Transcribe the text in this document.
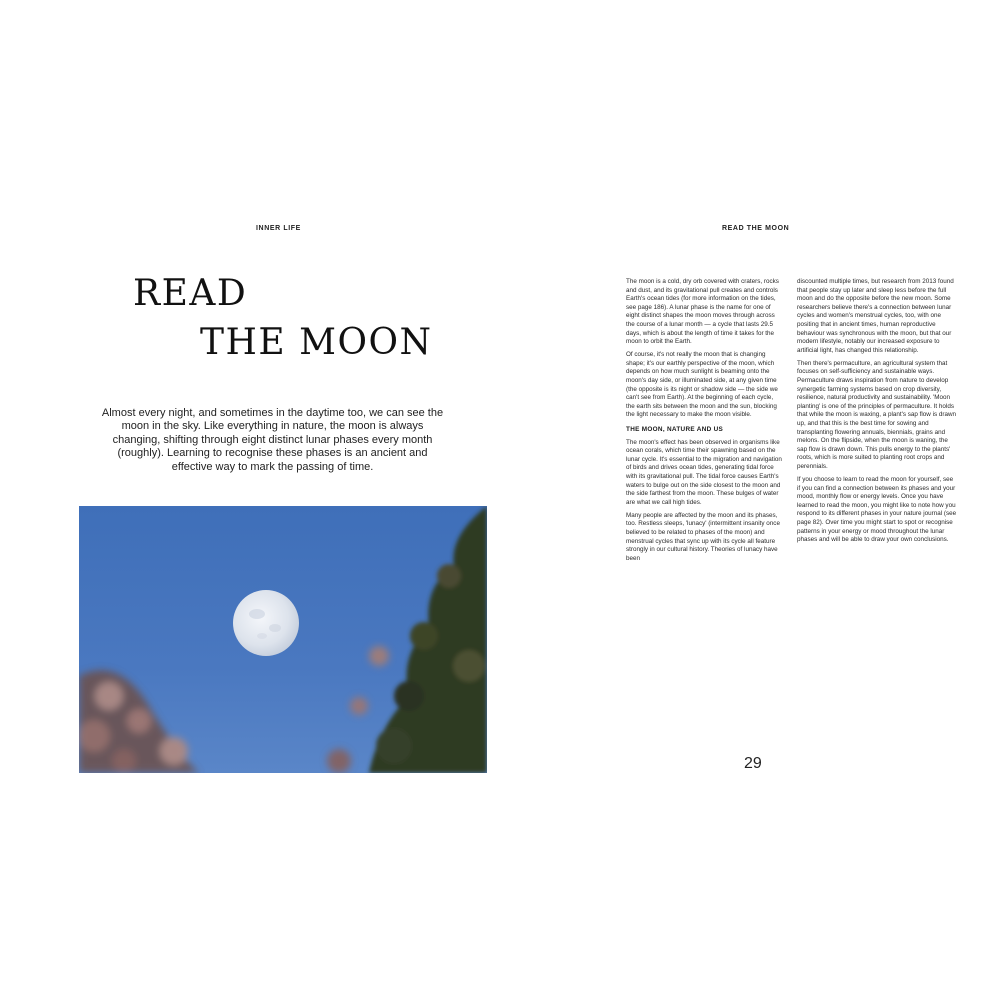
INNER LIFE
READ
THE MOON
Almost every night, and sometimes in the daytime too, we can see the moon in the sky. Like everything in nature, the moon is always changing, shifting through eight distinct lunar phases every month (roughly). Learning to recognise these phases is an ancient and effective way to mark the passing of time.
READ THE MOON

The moon is a cold, dry orb covered with craters, rocks and dust, and its gravitational pull creates and controls Earth's ocean tides (for more information on the tides, see page 186). A lunar phase is the name for one of eight distinct shapes the moon moves through across the course of a lunar month — a cycle that lasts 29.5 days, which is about the length of time it takes for the moon to orbit the Earth.

Of course, it's not really the moon that is changing shape; it's our earthly perspective of the moon, which depends on how much sunlight is beaming onto the moon's day side, or illuminated side, at any given time (the opposite is its night or shadow side — the side we can't see from Earth). At the beginning of each cycle, the earth sits between the moon and the sun, blocking the light necessary to make the moon visible.

THE MOON, NATURE AND US

The moon's effect has been observed in organisms like ocean corals, which time their spawning based on the lunar cycle. It's essential to the migration and navigation of birds and drives ocean tides, generating tidal force with its gravitational pull. The tidal force causes Earth's waters to bulge out on the side closest to the moon and the side farthest from the moon. These bulges of water are what we call high tides.

Many people are affected by the moon and its phases, too. Restless sleeps, 'lunacy' (intermittent insanity once believed to be related to phases of the moon) and menstrual cycles that sync up with its cycle all feature strongly in our cultural history. Theories of lunacy have been

discounted multiple times, but research from 2013 found that people stay up later and sleep less before the full moon and do the opposite before the new moon. Some researchers believe there's a connection between lunar cycles and women's menstrual cycles, too, with one positing that in ancient times, human reproductive behaviour was synchronous with the moon, but that our modern lifestyle, notably our increased exposure to artificial light, has changed this relationship.

Then there's permaculture, an agricultural system that focuses on self-sufficiency and sustainable ways. Permaculture draws inspiration from nature to develop synergetic farming systems based on crop diversity, resilience, natural productivity and sustainability. 'Moon planting' is one of the principles of permaculture. It holds that while the moon is waxing, a plant's sap flow is drawn up, and that this is the best time for sowing and transplanting flowering annuals, biennials, grains and melons. On the flipside, when the moon is waning, the sap flow is drawn down. This pulls energy to the plants' roots, which is more suited to planting root crops and perennials.

If you choose to learn to read the moon for yourself, see if you can find a connection between its phases and your mood, monthly flow or energy levels. Once you have learned to read the moon, you might like to note how you respond to its different phases in your nature journal (see page 82). Over time you might start to spot or recognise patterns in your energy or mood throughout the lunar phases and will be able to draw your own conclusions.

29
